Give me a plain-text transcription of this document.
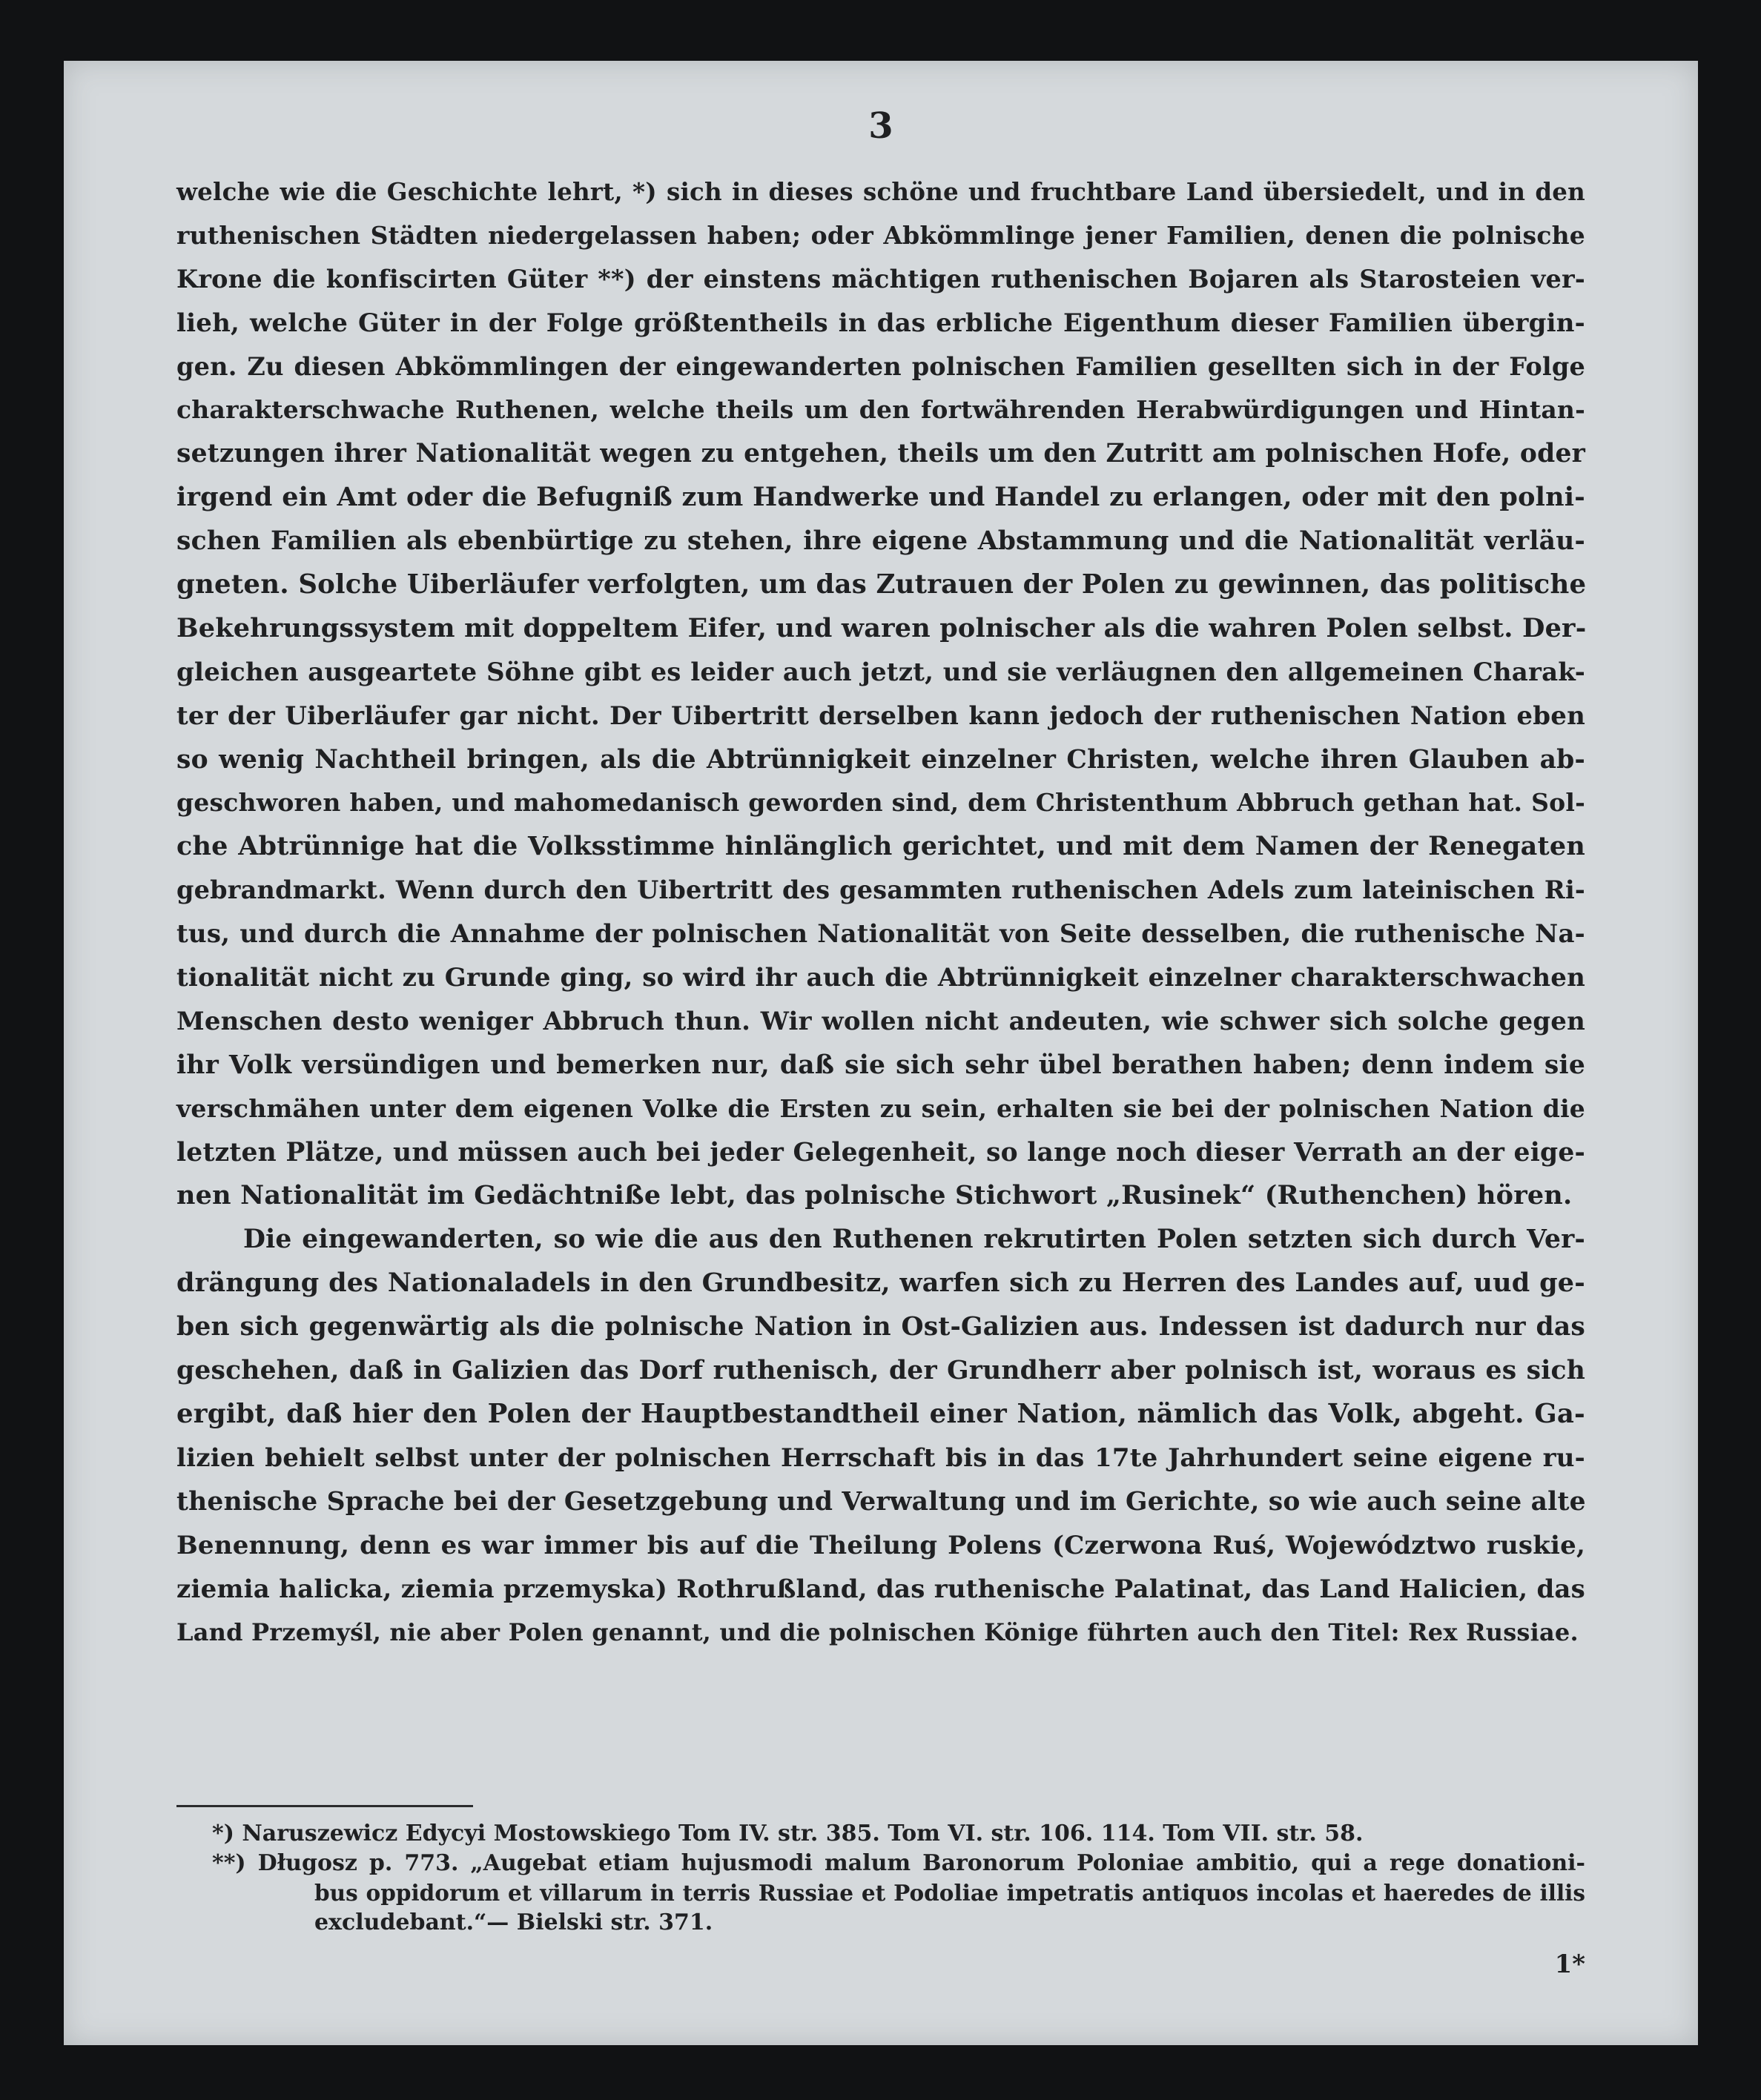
3
welche wie die Geschichte lehrt, *) sich in dieses schöne und fruchtbare Land übersiedelt, und in den
ruthenischen Städten niedergelassen haben; oder Abkömmlinge jener Familien, denen die polnische
Krone die konfiscirten Güter **) der einstens mächtigen ruthenischen Bojaren als Starosteien ver-
lieh, welche Güter in der Folge größtentheils in das erbliche Eigenthum dieser Familien übergin-
gen. Zu diesen Abkömmlingen der eingewanderten polnischen Familien gesellten sich in der Folge
charakterschwache Ruthenen, welche theils um den fortwährenden Herabwürdigungen und Hintan-
setzungen ihrer Nationalität wegen zu entgehen, theils um den Zutritt am polnischen Hofe, oder
irgend ein Amt oder die Befugniß zum Handwerke und Handel zu erlangen, oder mit den polni-
schen Familien als ebenbürtige zu stehen, ihre eigene Abstammung und die Nationalität verläu-
gneten. Solche Uiberläufer verfolgten, um das Zutrauen der Polen zu gewinnen, das politische
Bekehrungssystem mit doppeltem Eifer, und waren polnischer als die wahren Polen selbst. Der-
gleichen ausgeartete Söhne gibt es leider auch jetzt, und sie verläugnen den allgemeinen Charak-
ter der Uiberläufer gar nicht. Der Uibertritt derselben kann jedoch der ruthenischen Nation eben
so wenig Nachtheil bringen, als die Abtrünnigkeit einzelner Christen, welche ihren Glauben ab-
geschworen haben, und mahomedanisch geworden sind, dem Christenthum Abbruch gethan hat. Sol-
che Abtrünnige hat die Volksstimme hinlänglich gerichtet, und mit dem Namen der Renegaten
gebrandmarkt. Wenn durch den Uibertritt des gesammten ruthenischen Adels zum lateinischen Ri-
tus, und durch die Annahme der polnischen Nationalität von Seite desselben, die ruthenische Na-
tionalität nicht zu Grunde ging, so wird ihr auch die Abtrünnigkeit einzelner charakterschwachen
Menschen desto weniger Abbruch thun. Wir wollen nicht andeuten, wie schwer sich solche gegen
ihr Volk versündigen und bemerken nur, daß sie sich sehr übel berathen haben; denn indem sie
verschmähen unter dem eigenen Volke die Ersten zu sein, erhalten sie bei der polnischen Nation die
letzten Plätze, und müssen auch bei jeder Gelegenheit, so lange noch dieser Verrath an der eige-
nen Nationalität im Gedächtniße lebt, das polnische Stichwort „Rusinek“ (Ruthenchen) hören.
Die eingewanderten, so wie die aus den Ruthenen rekrutirten Polen setzten sich durch Ver-
drängung des Nationaladels in den Grundbesitz, warfen sich zu Herren des Landes auf, uud ge-
ben sich gegenwärtig als die polnische Nation in Ost-Galizien aus. Indessen ist dadurch nur das
geschehen, daß in Galizien das Dorf ruthenisch, der Grundherr aber polnisch ist, woraus es sich
ergibt, daß hier den Polen der Hauptbestandtheil einer Nation, nämlich das Volk, abgeht. Ga-
lizien behielt selbst unter der polnischen Herrschaft bis in das 17te Jahrhundert seine eigene ru-
thenische Sprache bei der Gesetzgebung und Verwaltung und im Gerichte, so wie auch seine alte
Benennung, denn es war immer bis auf die Theilung Polens (Czerwona Ruś, Województwo ruskie,
ziemia halicka, ziemia przemyska) Rothrußland, das ruthenische Palatinat, das Land Halicien, das
Land Przemyśl, nie aber Polen genannt, und die polnischen Könige führten auch den Titel: Rex Russiae.
*) Naruszewicz Edycyi Mostowskiego Tom IV. str. 385. Tom VI. str. 106. 114. Tom VII. str. 58.
**) Długosz p. 773. „Augebat etiam hujusmodi malum Baronorum Poloniae ambitio, qui a rege donationi-
bus oppidorum et villarum in terris Russiae et Podoliae impetratis antiquos incolas et haeredes de illis
excludebant.“— Bielski str. 371.
1*
